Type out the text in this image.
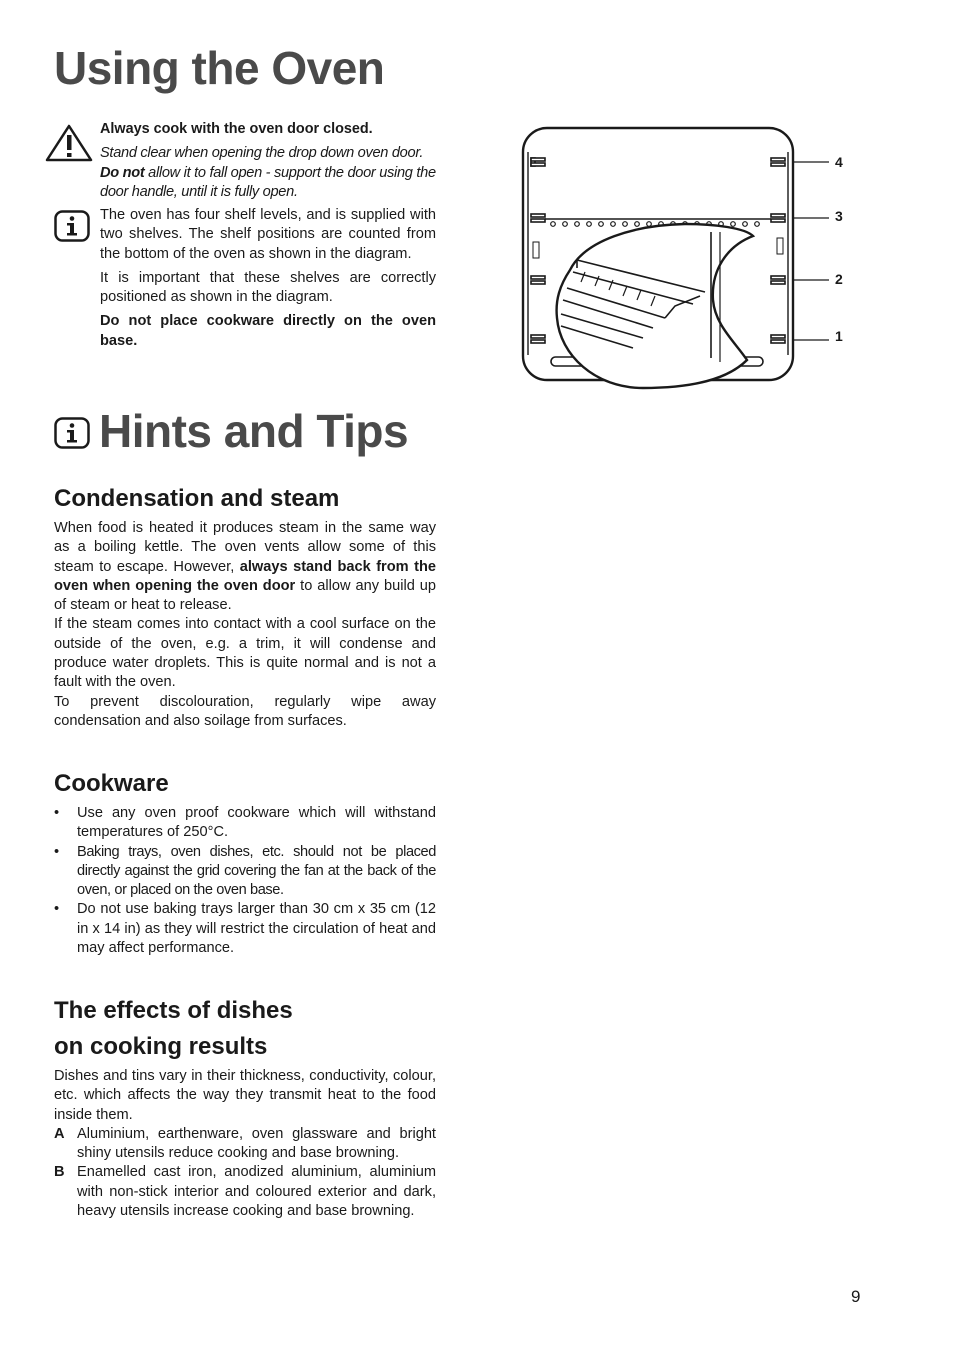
Using the Oven

Always cook with the oven door closed.

Stand clear when opening the drop down oven door.
Do not allow it to fall open - support the door using the door handle, until it is fully open.

The oven has four shelf levels, and is supplied with two shelves. The shelf positions are counted from the bottom of the oven as shown in the diagram.

It is important that these shelves are correctly positioned as shown in the diagram.

Do not place cookware directly on the oven base.

4
3
2
1
Hints and Tips
Condensation and steam

When food is heated it produces steam in the same way as a boiling kettle. The oven vents allow some of this steam to escape. However, always stand back from the oven when opening the oven door to allow any build up of steam or heat to release.

If the steam comes into contact with a cool surface on the outside of the oven, e.g. a trim, it will condense and produce water droplets. This is quite normal and is not a fault with the oven.

To prevent discolouration, regularly wipe away condensation and also soilage from surfaces.

Cookware
• Use any oven proof cookware which will withstand temperatures of 250°C.
• Baking trays, oven dishes, etc. should not be placed directly against the grid covering the fan at the back of the oven, or placed on the oven base.
• Do not use baking trays larger than 30 cm x 35 cm (12 in x 14 in) as they will restrict the circulation of heat and may affect performance.
The effects of dishes
on cooking results

Dishes and tins vary in their thickness, conductivity, colour, etc. which affects the way they transmit heat to the food inside them.

A Aluminium, earthenware, oven glassware and bright shiny utensils reduce cooking and base browning.
B Enamelled cast iron, anodized aluminium, aluminium with non-stick interior and coloured exterior and dark, heavy utensils increase cooking and base browning.
9
